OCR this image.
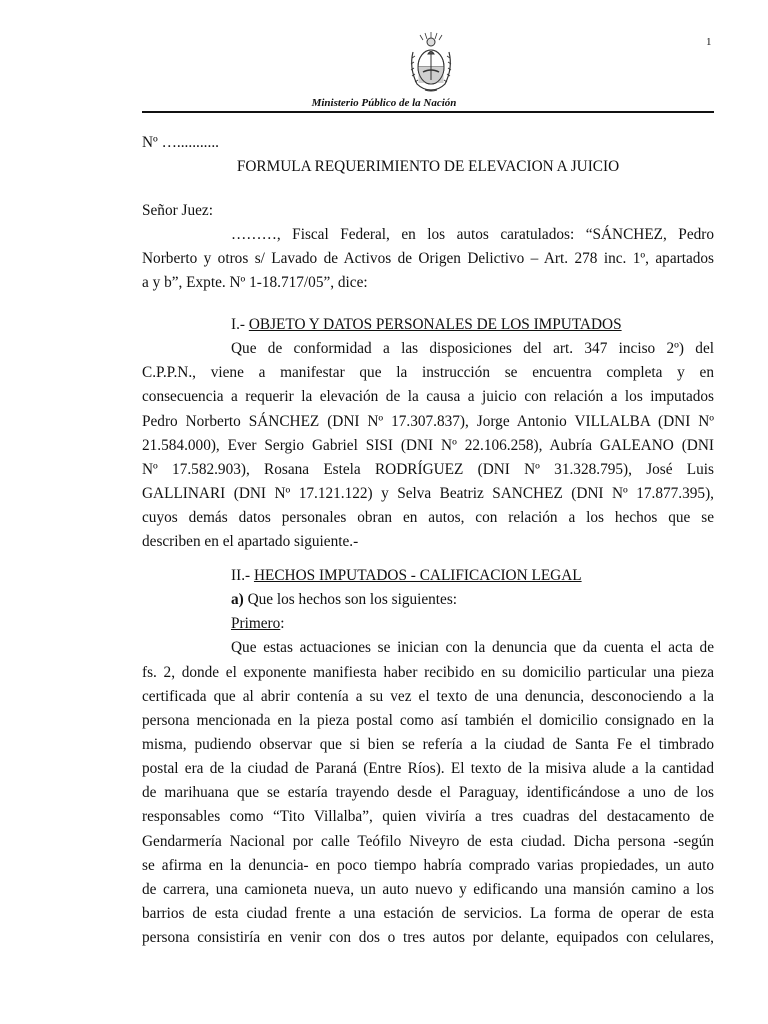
1
Ministerio Público de la Nación
Nº …...........
FORMULA REQUERIMIENTO DE ELEVACION A JUICIO
Señor Juez:
………, Fiscal Federal, en los autos caratulados: “SÁNCHEZ, Pedro
Norberto y otros s/ Lavado de Activos de Origen Delictivo – Art. 278 inc. 1º, apartados
a y b”, Expte. Nº 1-18.717/05”, dice:
I.- OBJETO Y DATOS PERSONALES DE LOS IMPUTADOS
Que de conformidad a las disposiciones del art. 347 inciso 2º) del
C.P.P.N., viene a manifestar que la instrucción se encuentra completa y en
consecuencia a requerir la elevación de la causa a juicio con relación a los imputados
Pedro Norberto SÁNCHEZ (DNI Nº 17.307.837), Jorge Antonio VILLALBA (DNI Nº
21.584.000), Ever Sergio Gabriel SISI (DNI Nº 22.106.258), Aubría GALEANO (DNI
Nº 17.582.903), Rosana Estela RODRÍGUEZ (DNI Nº 31.328.795), José Luis
GALLINARI (DNI Nº 17.121.122) y Selva Beatriz SANCHEZ (DNI Nº 17.877.395),
cuyos demás datos personales obran en autos, con relación a los hechos que se
describen en el apartado siguiente.-
II.- HECHOS IMPUTADOS - CALIFICACION LEGAL
a) Que los hechos son los siguientes:
Primero:
Que estas actuaciones se inician con la denuncia que da cuenta el acta de
fs. 2, donde el exponente manifiesta haber recibido en su domicilio particular una pieza
certificada que al abrir contenía a su vez el texto de una denuncia, desconociendo a la
persona mencionada en la pieza postal como así también el domicilio consignado en la
misma, pudiendo observar que si bien se refería a la ciudad de Santa Fe el timbrado
postal era de la ciudad de Paraná (Entre Ríos). El texto de la misiva alude a la cantidad
de marihuana que se estaría trayendo desde el Paraguay, identificándose a uno de los
responsables como “Tito Villalba”, quien viviría a tres cuadras del destacamento de
Gendarmería Nacional por calle Teófilo Niveyro de esta ciudad. Dicha persona -según
se afirma en la denuncia- en poco tiempo habría comprado varias propiedades, un auto
de carrera, una camioneta nueva, un auto nuevo y edificando una mansión camino a los
barrios de esta ciudad frente a una estación de servicios. La forma de operar de esta
persona consistiría en venir con dos o tres autos por delante, equipados con celulares,
